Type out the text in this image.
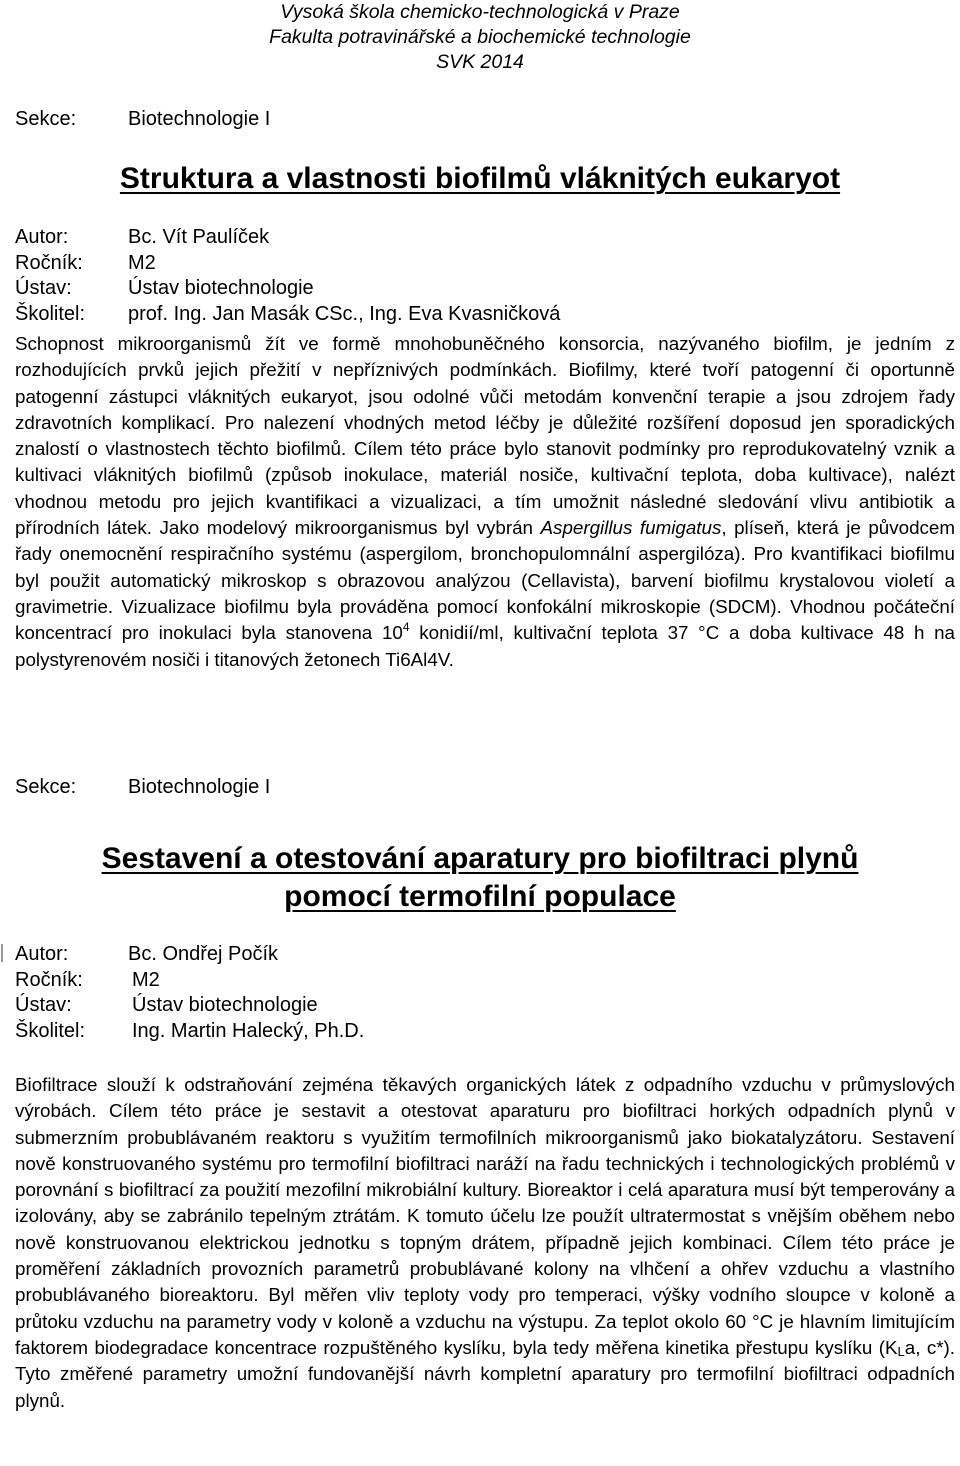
Vysoká škola chemicko-technologická v Praze
Fakulta potravinářské a biochemické technologie
SVK 2014
Sekce:	Biotechnologie I
Struktura a vlastnosti biofilmů vláknitých eukaryot
Autor:	Bc. Vít Paulíček
Ročník: M2
Ústav:	Ústav biotechnologie
Školitel: prof. Ing. Jan Masák CSc., Ing. Eva Kvasničková

Schopnost mikroorganismů žít ve formě mnohobuněčného konsorcia, nazývaného biofilm, je jedním z rozhodujících prvků jejich přežití v nepříznivých podmínkách. Biofilmy, které tvoří patogenní či oportunně patogenní zástupci vláknitých eukaryot, jsou odolné vůči metodám konvenční terapie a jsou zdrojem řady zdravotních komplikací. Pro nalezení vhodných metod léčby je důležité rozšíření doposud jen sporadických znalostí o vlastnostech těchto biofilmů. Cílem této práce bylo stanovit podmínky pro reprodukovatelný vznik a kultivaci vláknitých biofilmů (způsob inokulace, materiál nosiče, kultivační teplota, doba kultivace), nalézt vhodnou metodu pro jejich kvantifikaci a vizualizaci, a tím umožnit následné sledování vlivu antibiotik a přírodních látek. Jako modelový mikroorganismus byl vybrán Aspergillus fumigatus, plíseň, která je původcem řady onemocnění respiračního systému (aspergilom, bronchopulomnální aspergilóza). Pro kvantifikaci biofilmu byl použit automatický mikroskop s obrazovou analýzou (Cellavista), barvení biofilmu krystalovou violetí a gravimetrie. Vizualizace biofilmu byla prováděna pomocí konfokální mikroskopie (SDCM). Vhodnou počáteční koncentrací pro inokulaci byla stanovena $10^4$ konidií/ml, kultivační teplota 37 °C a doba kultivace 48 h na polystyrenovém nosiči i titanových žetonech Ti6Al4V.

Sekce:	Biotechnologie I
Sestavení a otestování aparatury pro biofiltraci plynů
pomocí termofilní populace
Autor:	Bc. Ondřej Počík
Ročník: M2
Ústav:	Ústav biotechnologie
Školitel: Ing. Martin Halecký, Ph.D.

Biofiltrace slouží k odstraňování zejména těkavých organických látek z odpadního vzduchu v průmyslových výrobách. Cílem této práce je sestavit a otestovat aparaturu pro biofiltraci horkých odpadních plynů v submerzním probublávaném reaktoru s využitím termofilních mikroorganismů jako biokatalyzátoru. Sestavení nově konstruovaného systému pro termofilní biofiltraci naráží na řadu technických i technologických problémů v porovnání s biofiltrací za použití mezofilní mikrobiální kultury. Bioreaktor i celá aparatura musí být temperovány a izolovány, aby se zabránilo tepelným ztrátám. K tomuto účelu lze použít ultratermostat s vnějším oběhem nebo nově konstruovanou elektrickou jednotku s topným drátem, případně jejich kombinaci. Cílem této práce je proměření základních provozních parametrů probublávané kolony na vlhčení a ohřev vzduchu a vlastního probublávaného bioreaktoru. Byl měřen vliv teploty vody pro temperaci, výšky vodního sloupce v koloně a průtoku vzduchu na parametry vody v koloně a vzduchu na výstupu. Za teplot okolo 60 °C je hlavním limitujícím faktorem biodegradace koncentrace rozpuštěného kyslíku, byla tedy měřena kinetika přestupu kyslíku ($K_La$, c*). Tyto změřené parametry umožní fundovanější návrh kompletní aparatury pro termofilní biofiltraci odpadních plynů.
